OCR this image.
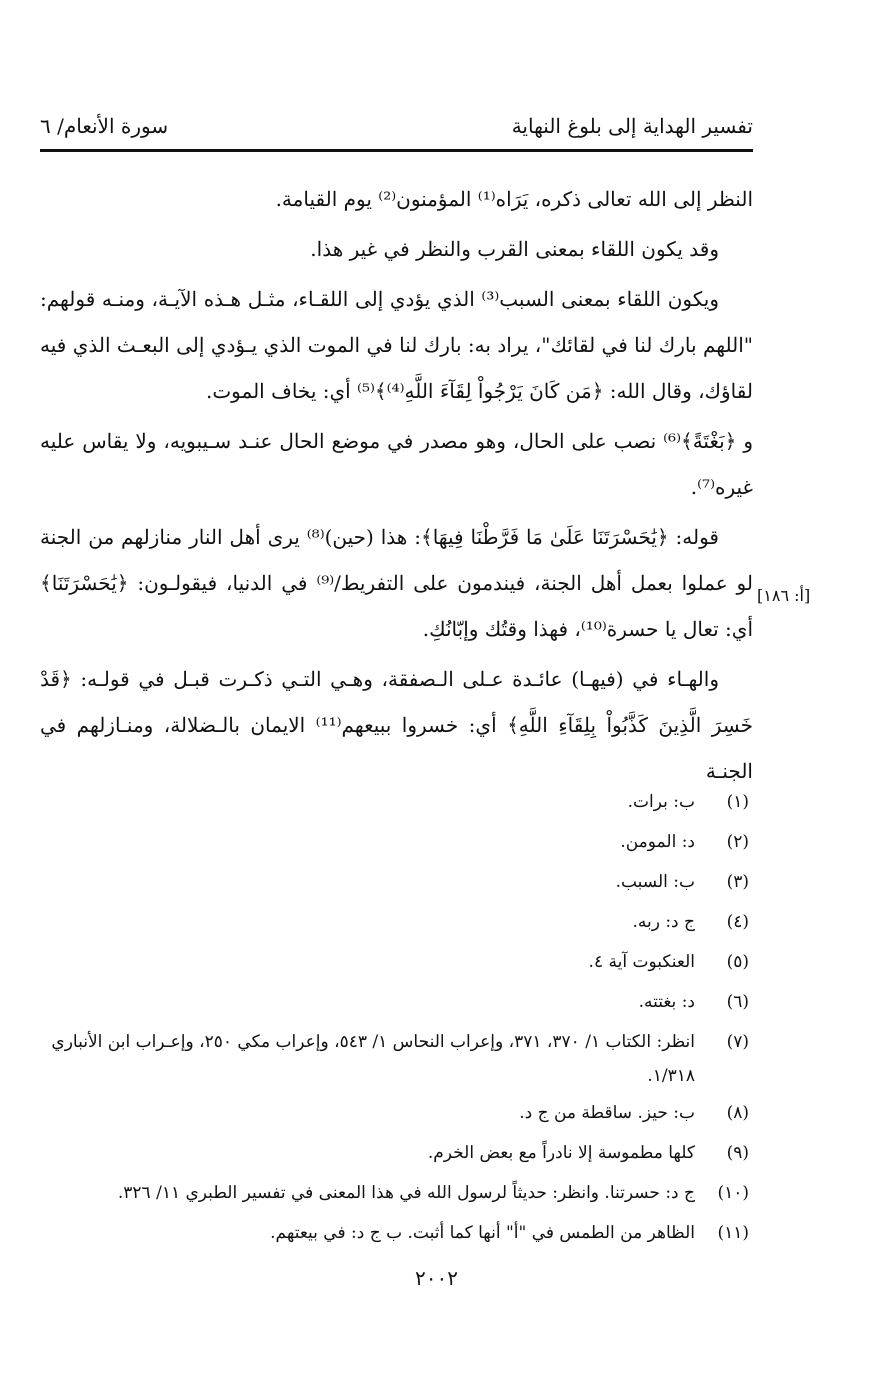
تفسير الهداية إلى بلوغ النهاية
سورة الأنعام/ ٦

النظر إلى الله تعالى ذكره، يَرَاه⁽¹⁾ المؤمنون⁽²⁾ يوم القيامة.

وقد يكون اللقاء بمعنى القرب والنظر في غير هذا.

ويكون اللقاء بمعنى السبب⁽³⁾ الذي يؤدي إلى اللقـاء، مثـل هـذه الآيـة، ومنـه قولهم: "اللهم بارك لنا في لقائك"، يراد به: بارك لنا في الموت الذي يـؤدي إلى البعـث الذي فيه لقاؤك، وقال الله: ﴿مَن كَانَ يَرْجُواْ لِقَآءَ اللَّهِ⁽⁴⁾﴾⁽⁵⁾ أي: يخاف الموت.

و ﴿بَغْتَةً﴾⁽⁶⁾ نصب على الحال، وهو مصدر في موضع الحال عنـد سـيبويه، ولا يقاس عليه غيره⁽⁷⁾.

قوله: ﴿يَٰحَسْرَتَنَا عَلَىٰ مَا فَرَّطْنَا فِيهَا﴾: هذا (حين)⁽⁸⁾ يرى أهل النار منازلهم من الجنة لو عملوا بعمل أهل الجنة، فيندمون على التفريط/⁽⁹⁾ في الدنيا، فيقولـون: ﴿يَٰحَسْرَتَنَا﴾ أي: تعال يا حسرة⁽¹⁰⁾، فهذا وقتُك وإبّانُكِ.

والهـاء في (فيهـا) عائـدة عـلى الـصفقة، وهـي التـي ذكـرت قبـل في قولـه: ﴿قَدْ خَسِرَ الَّذِينَ كَذَّبُواْ بِلِقَآءِ اللَّهِ﴾ أي: خسروا ببيعهم⁽¹¹⁾ الايمان بالـضلالة، ومنـازلهم في الجنـة

[أ: ١٨٦]
(١)
ب: برات.
(٢)
د: المومن.
(٣)
ب: السبب.
(٤)
ج د: ربه.
(٥)
العنكبوت آية ٤.
(٦)
د: بغتته.
(٧)
انظر: الكتاب ١/ ٣٧٠، ٣٧١، وإعراب النحاس ١/ ٥٤٣، وإعراب مكي ٢٥٠، وإعـراب ابن الأنباري ١/٣١٨.
(٨)
ب: حيز. ساقطة من ج د.
(٩)
كلها مطموسة إلا نادراً مع بعض الخرم.
(١٠)
ج د: حسرتنا. وانظر: حديثاً لرسول الله في هذا المعنى في تفسير الطبري ١١/ ٣٢٦.
(١١)
الظاهر من الطمس في "أ" أنها كما أثبت. ب ج د: في بيعتهم.
٢٠٠٢
